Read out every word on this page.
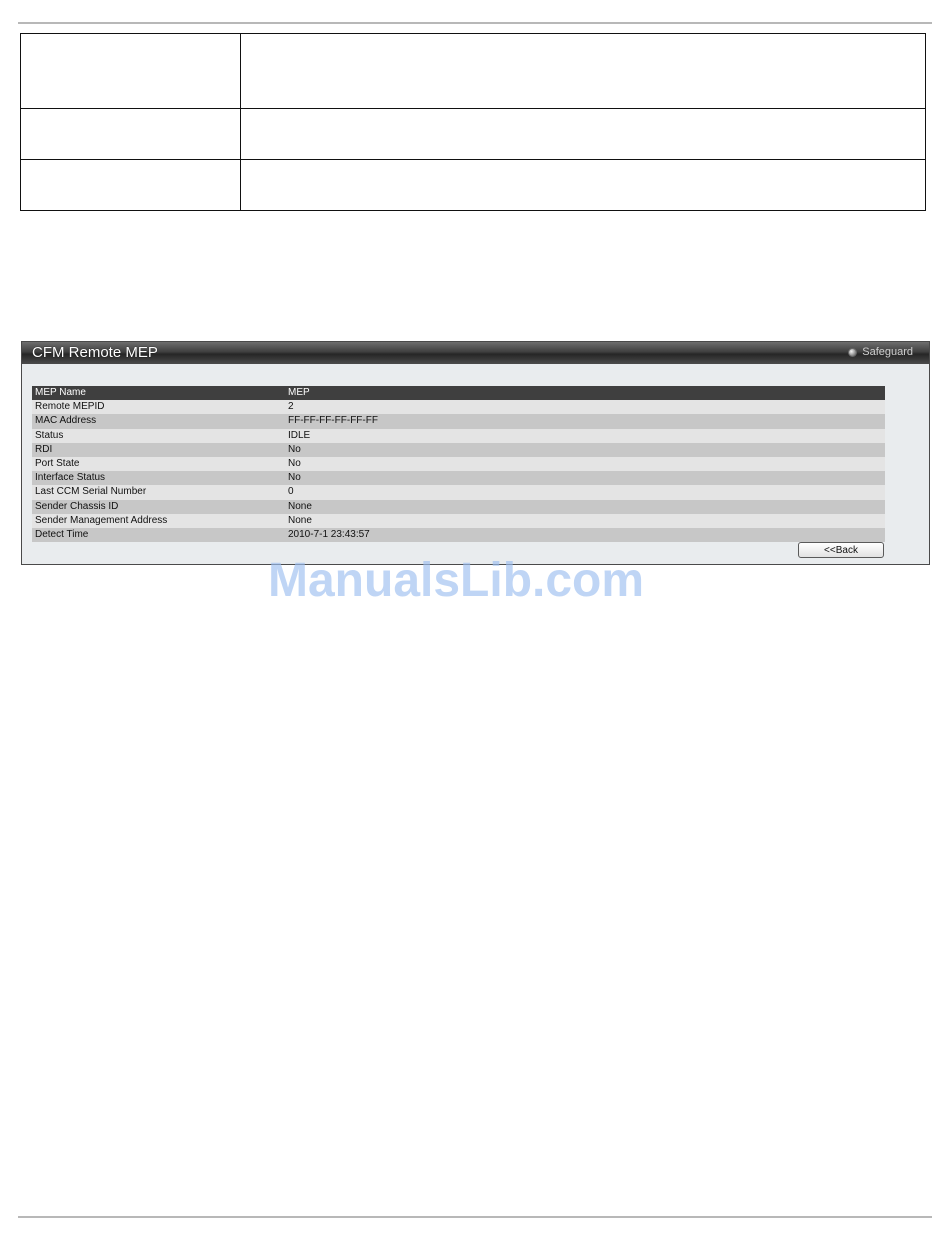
CFM Remote MEP	Safeguard
MEP Name	MEP
Remote MEPID	2
MAC Address	FF-FF-FF-FF-FF-FF
Status	IDLE
RDI	No
Port State	No
Interface Status	No
Last CCM Serial Number	0
Sender Chassis ID	None
Sender Management Address	None
Detect Time	2010-7-1 23:43:57
<<Back
ManualsLib.com
